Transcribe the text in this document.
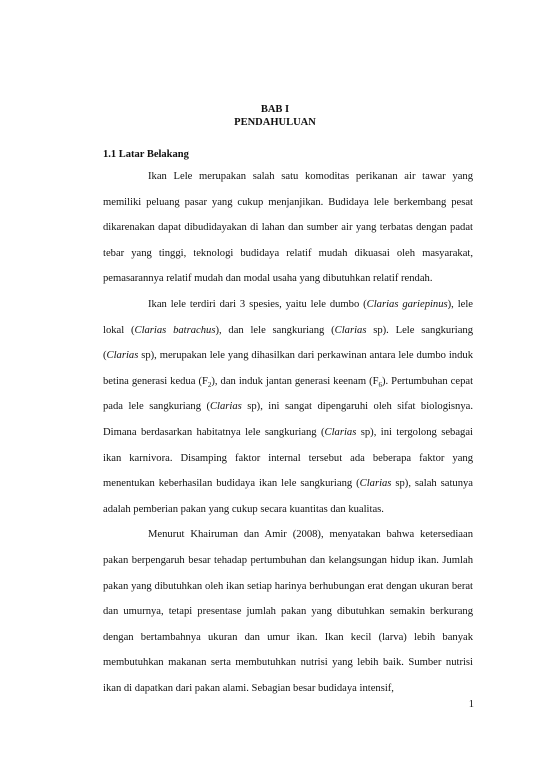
BAB I
PENDAHULUAN
1.1 Latar Belakang

Ikan Lele merupakan salah satu komoditas perikanan air tawar yang memiliki peluang pasar yang cukup menjanjikan. Budidaya lele berkembang pesat dikarenakan dapat dibudidayakan di lahan dan sumber air yang terbatas dengan padat tebar yang tinggi, teknologi budidaya relatif mudah dikuasai oleh masyarakat, pemasarannya relatif mudah dan modal usaha yang dibutuhkan relatif rendah.

Ikan lele terdiri dari 3 spesies, yaitu lele dumbo (Clarias gariepinus), lele lokal (Clarias batrachus), dan lele sangkuriang (Clarias sp). Lele sangkuriang (Clarias sp), merupakan lele yang dihasilkan dari perkawinan antara lele dumbo induk betina generasi kedua $(F_2)$, dan induk jantan generasi keenam $(F_6)$. Pertumbuhan cepat pada lele sangkuriang (Clarias sp), ini sangat dipengaruhi oleh sifat biologisnya. Dimana berdasarkan habitatnya lele sangkuriang (Clarias sp), ini tergolong sebagai ikan karnivora. Disamping faktor internal tersebut ada beberapa faktor yang menentukan keberhasilan budidaya ikan lele sangkuriang (Clarias sp), salah satunya adalah pemberian pakan yang cukup secara kuantitas dan kualitas.

Menurut Khairuman dan Amir (2008), menyatakan bahwa ketersediaan pakan berpengaruh besar tehadap pertumbuhan dan kelangsungan hidup ikan. Jumlah pakan yang dibutuhkan oleh ikan setiap harinya berhubungan erat dengan ukuran berat dan umurnya, tetapi presentase jumlah pakan yang dibutuhkan semakin berkurang dengan bertambahnya ukuran dan umur ikan. Ikan kecil (larva) lebih banyak membutuhkan makanan serta membutuhkan nutrisi yang lebih baik. Sumber nutrisi ikan di dapatkan dari pakan alami. Sebagian besar budidaya intensif,

1
